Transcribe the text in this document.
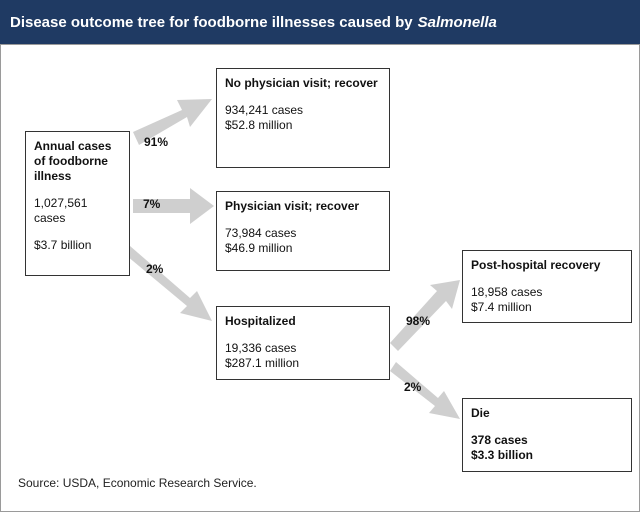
Disease outcome tree for foodborne illnesses caused by Salmonella
Annual cases of foodborne illness
1,027,561 cases
$3.7 billion
No physician visit; recover
934,241 cases
$52.8 million
Physician visit; recover
73,984 cases
$46.9 million
Hospitalized
19,336 cases
$287.1 million
Post-hospital recovery
18,958 cases
$7.4 million
Die
378 cases
$3.3 billion
91%
7%
2%
98%
2%
Source: USDA, Economic Research Service.
